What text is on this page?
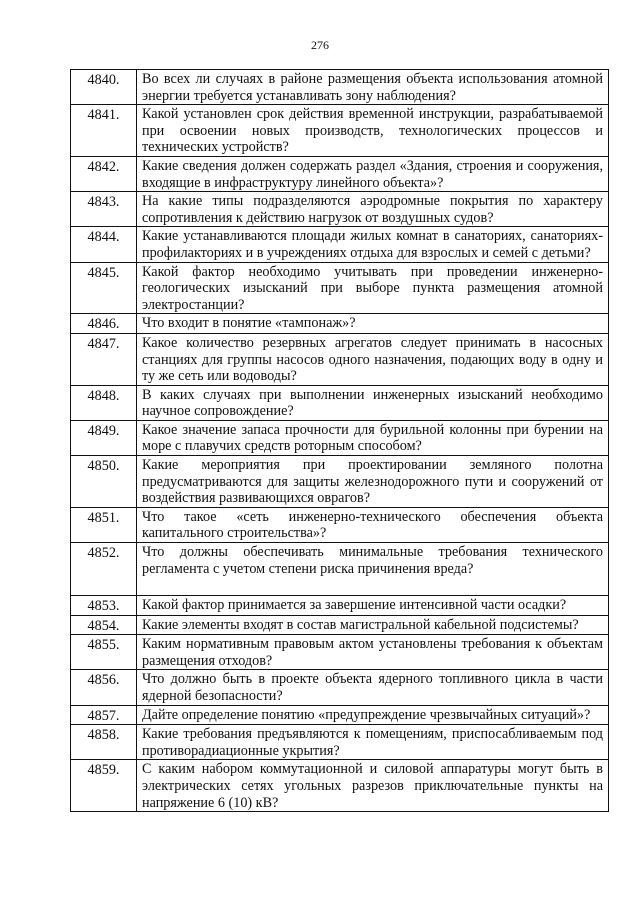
276
4840.	Во всех ли случаях в районе размещения объекта использования атомной энергии требуется устанавливать зону наблюдения?
4841.	Какой установлен срок действия временной инструкции, разрабатываемой при освоении новых производств, технологических процессов и технических устройств?
4842.	Какие сведения должен содержать раздел «Здания, строения и сооружения, входящие в инфраструктуру линейного объекта»?
4843.	На какие типы подразделяются аэродромные покрытия по характеру сопротивления к действию нагрузок от воздушных судов?
4844.	Какие устанавливаются площади жилых комнат в санаториях, санаториях-профилакториях и в учреждениях отдыха для взрослых и семей с детьми?
4845.	Какой фактор необходимо учитывать при проведении инженерно-геологических изысканий при выборе пункта размещения атомной электростанции?
4846.	Что входит в понятие «тампонаж»?
4847.	Какое количество резервных агрегатов следует принимать в насосных станциях для группы насосов одного назначения, подающих воду в одну и ту же сеть или водоводы?
4848.	В каких случаях при выполнении инженерных изысканий необходимо научное сопровождение?
4849.	Какое значение запаса прочности для бурильной колонны при бурении на море с плавучих средств роторным способом?
4850.	Какие мероприятия при проектировании земляного полотна предусматриваются для защиты железнодорожного пути и сооружений от воздействия развивающихся оврагов?
4851.	Что такое «сеть инженерно-технического обеспечения объекта капитального строительства»?
4852.	Что должны обеспечивать минимальные требования технического регламента с учетом степени риска причинения вреда?
4853.	Какой фактор принимается за завершение интенсивной части осадки?
4854.	Какие элементы входят в состав магистральной кабельной подсистемы?
4855.	Каким нормативным правовым актом установлены требования к объектам размещения отходов?
4856.	Что должно быть в проекте объекта ядерного топливного цикла в части ядерной безопасности?
4857.	Дайте определение понятию «предупреждение чрезвычайных ситуаций»?
4858.	Какие требования предъявляются к помещениям, приспосабливаемым под противорадиационные укрытия?
4859.	С каким набором коммутационной и силовой аппаратуры могут быть в электрических сетях угольных разрезов приключательные пункты на напряжение 6 (10) кВ?
